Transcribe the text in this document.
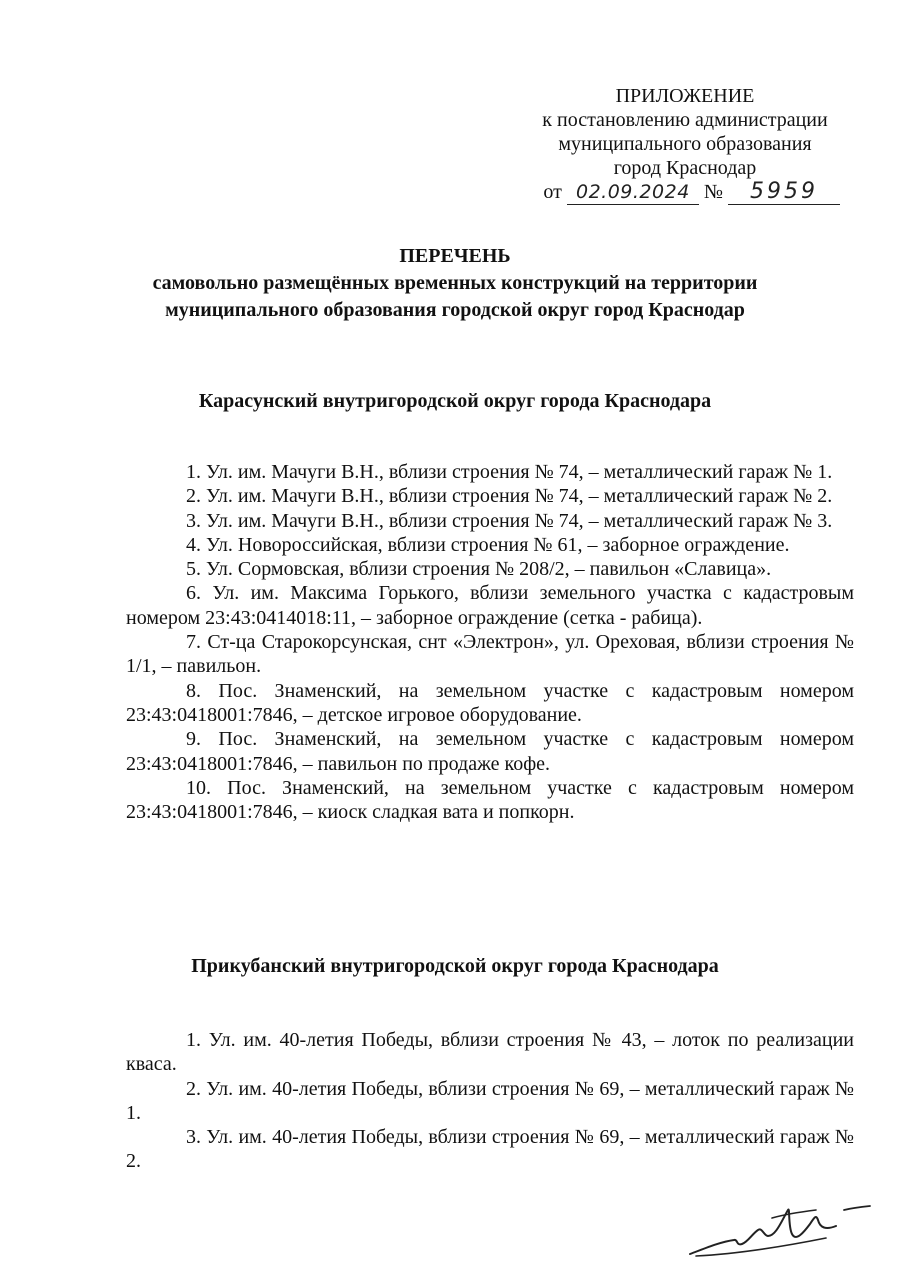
ПРИЛОЖЕНИЕ
к постановлению администрации
муниципального образования
город Краснодар
от 02.09.2024 № 5959
ПЕРЕЧЕНЬ
самовольно размещённых временных конструкций на территории
муниципального образования городской округ город Краснодар
Карасунский внутригородской округ города Краснодара

1. Ул. им. Мачуги В.Н., вблизи строения № 74, – металлический гараж № 1.

2. Ул. им. Мачуги В.Н., вблизи строения № 74, – металлический гараж № 2.

3. Ул. им. Мачуги В.Н., вблизи строения № 74, – металлический гараж № 3.

4. Ул. Новороссийская, вблизи строения № 61, – заборное ограждение.

5. Ул. Сормовская, вблизи строения № 208/2, – павильон «Славица».

6. Ул. им. Максима Горького, вблизи земельного участка с кадастровым номером 23:43:0414018:11, – заборное ограждение (сетка - рабица).

7. Ст-ца Старокорсунская, снт «Электрон», ул. Ореховая, вблизи строения № 1/1, – павильон.

8. Пос. Знаменский, на земельном участке с кадастровым номером 23:43:0418001:7846, – детское игровое оборудование.

9. Пос. Знаменский, на земельном участке с кадастровым номером 23:43:0418001:7846, – павильон по продаже кофе.

10. Пос. Знаменский, на земельном участке с кадастровым номером 23:43:0418001:7846, – киоск сладкая вата и попкорн.

Прикубанский внутригородской округ города Краснодара

1. Ул. им. 40-летия Победы, вблизи строения № 43, – лоток по реализации кваса.

2. Ул. им. 40-летия Победы, вблизи строения № 69, – металлический гараж № 1.

3. Ул. им. 40-летия Победы, вблизи строения № 69, – металлический гараж № 2.
